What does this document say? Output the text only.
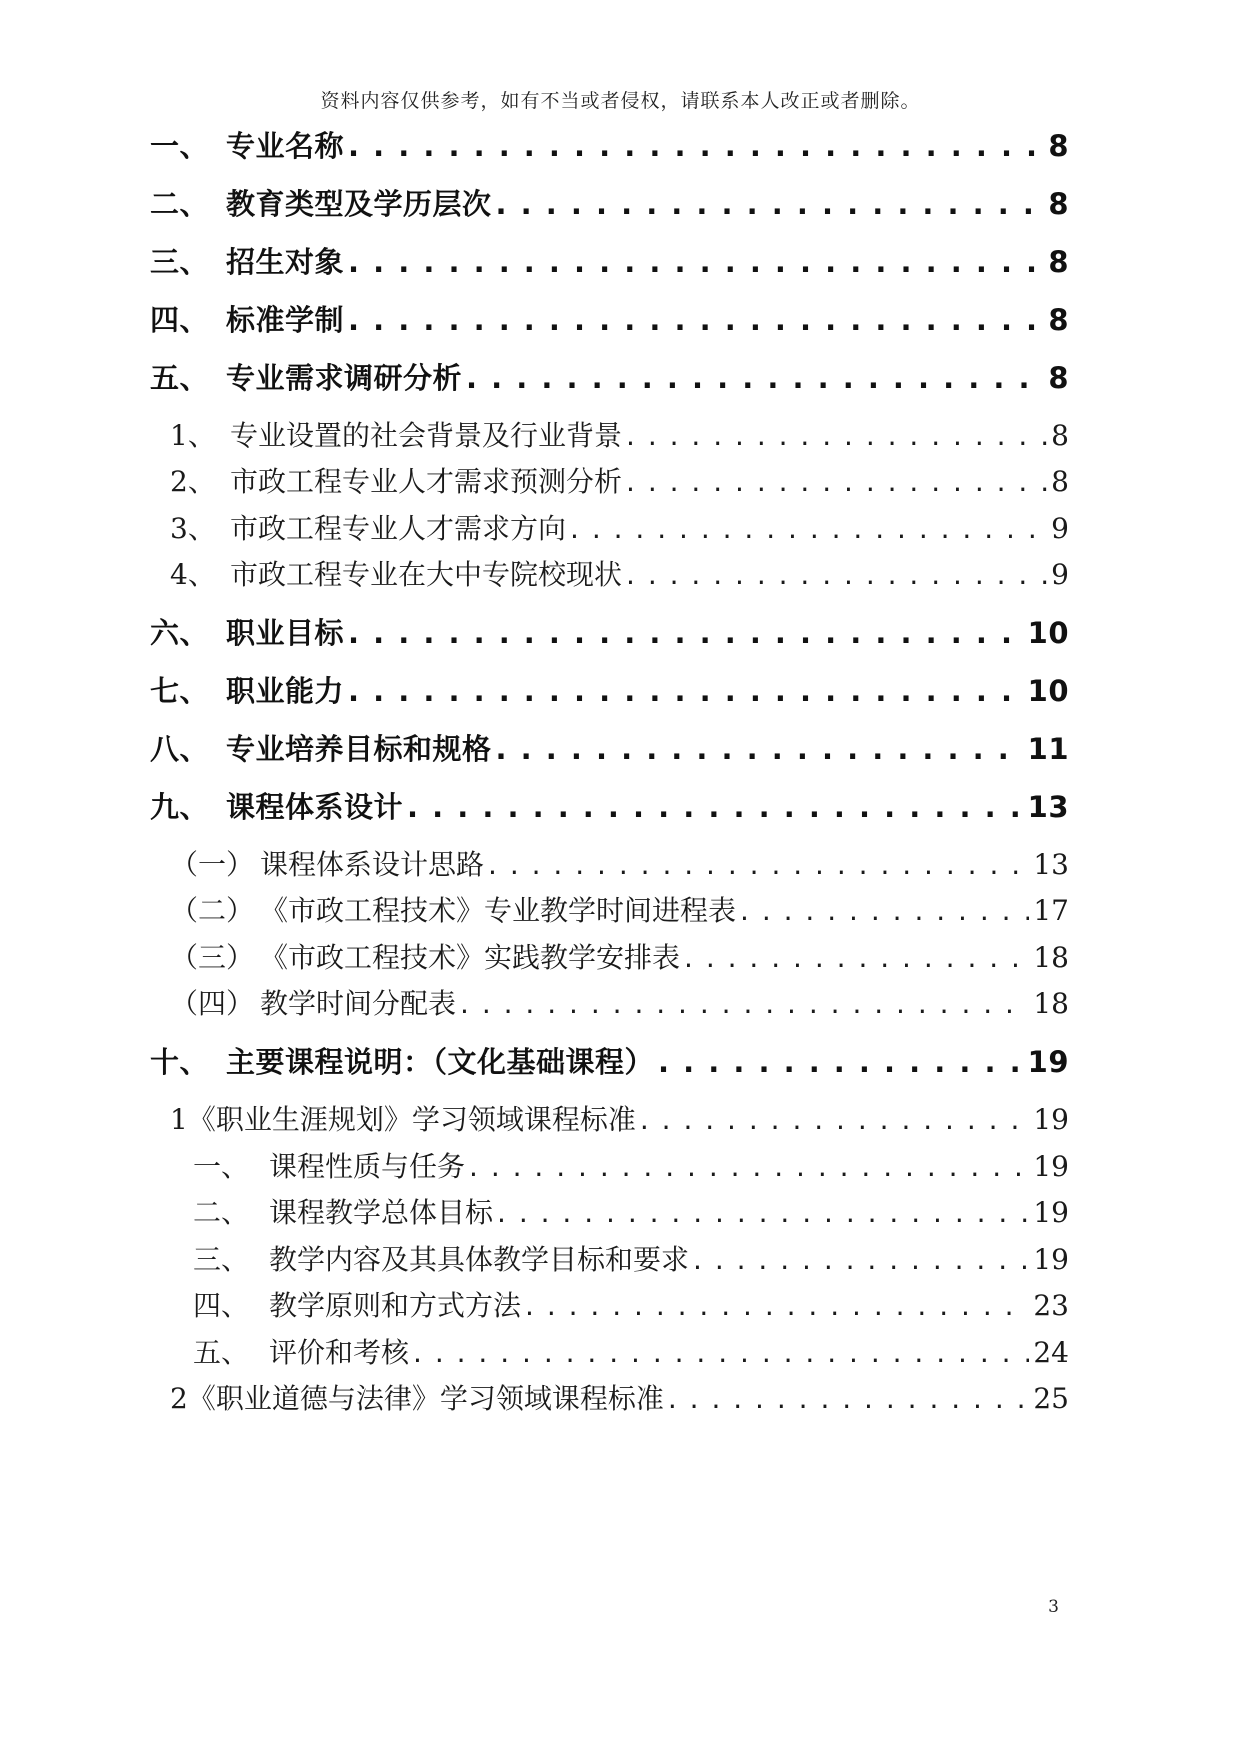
资料内容仅供参考，如有不当或者侵权，请联系本人改正或者删除。
一、 专业名称 . . .	8
二、 教育类型及学历层次 . . .	8
三、 招生对象 . . .	8
四、 标准学制 . . .	8
五、 专业需求调研分析 . . .	8
1、 专业设置的社会背景及行业背景 . . .	8
2、 市政工程专业人才需求预测分析 . . .	8
3、 市政工程专业人才需求方向 . . .	9
4、 市政工程专业在大中专院校现状 . . .	9
六、 职业目标 . . .	10
七、 职业能力 . . .	10
八、 专业培养目标和规格 . . .	11
九、 课程体系设计 . . .	13
（一） 课程体系设计思路 . . .	13
（二） 《市政工程技术》专业教学时间进程表 . . .	17
（三） 《市政工程技术》实践教学安排表 . . .	18
（四） 教学时间分配表 . . .	18
十、 主要课程说明：（文化基础课程） . . .	19
1 《职业生涯规划》学习领域课程标准 . . .	19
一、 课程性质与任务 . . .	19
二、 课程教学总体目标 . . .	19
三、 教学内容及其具体教学目标和要求 . . .	19
四、 教学原则和方式方法 . . .	23
五、 评价和考核 . . .	24
2 《职业道德与法律》学习领域课程标准 . . .	25
3
